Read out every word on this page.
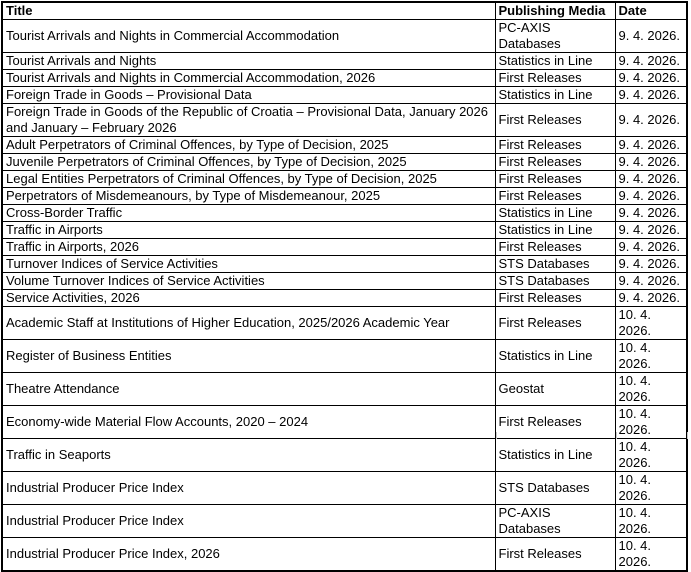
Title	Publishing Media	Date
Tourist Arrivals and Nights in Commercial Accommodation	PC-AXIS Databases	9. 4. 2026.
Tourist Arrivals and Nights	Statistics in Line	9. 4. 2026.
Tourist Arrivals and Nights in Commercial Accommodation, 2026	First Releases	9. 4. 2026.
Foreign Trade in Goods – Provisional Data	Statistics in Line	9. 4. 2026.
Foreign Trade in Goods of the Republic of Croatia – Provisional Data, January 2026 and January – February 2026	First Releases	9. 4. 2026.
Adult Perpetrators of Criminal Offences, by Type of Decision, 2025	First Releases	9. 4. 2026.
Juvenile Perpetrators of Criminal Offences, by Type of Decision, 2025	First Releases	9. 4. 2026.
Legal Entities Perpetrators of Criminal Offences, by Type of Decision, 2025	First Releases	9. 4. 2026.
Perpetrators of Misdemeanours, by Type of Misdemeanour, 2025	First Releases	9. 4. 2026.
Cross-Border Traffic	Statistics in Line	9. 4. 2026.
Traffic in Airports	Statistics in Line	9. 4. 2026.
Traffic in Airports, 2026	First Releases	9. 4. 2026.
Turnover Indices of Service Activities	STS Databases	9. 4. 2026.
Volume Turnover Indices of Service Activities	STS Databases	9. 4. 2026.
Service Activities, 2026	First Releases	9. 4. 2026.
Academic Staff at Institutions of Higher Education, 2025/2026 Academic Year	First Releases	10. 4. 2026.
Register of Business Entities	Statistics in Line	10. 4. 2026.
Theatre Attendance	Geostat	10. 4. 2026.
Economy-wide Material Flow Accounts, 2020 – 2024	First Releases	10. 4. 2026.
Traffic in Seaports	Statistics in Line	10. 4. 2026.
Industrial Producer Price Index	STS Databases	10. 4. 2026.
Industrial Producer Price Index	PC-AXIS Databases	10. 4. 2026.
Industrial Producer Price Index, 2026	First Releases	10. 4. 2026.
